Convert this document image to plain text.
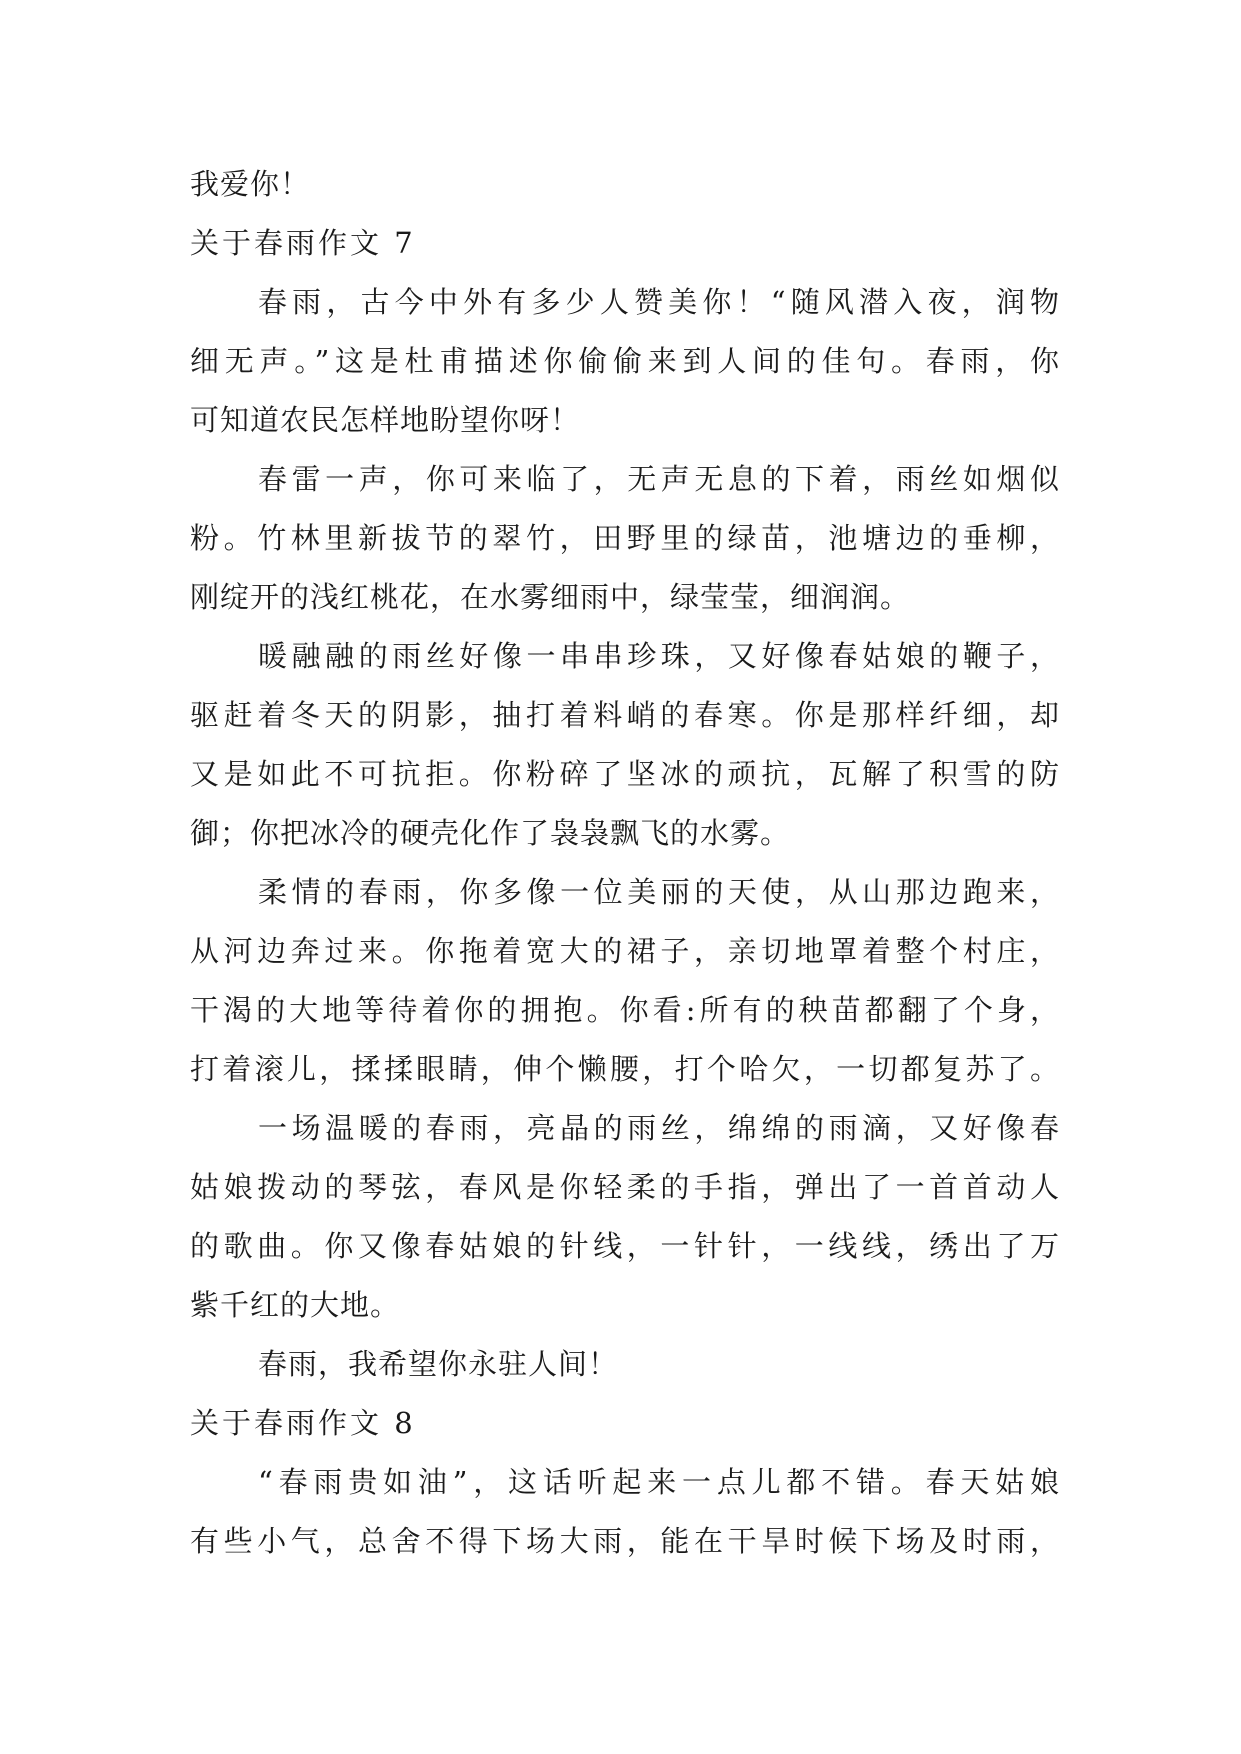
我爱你！
关于春雨作文 7
春雨，古今中外有多少人赞美你！“随风潜入夜，润物
细无声。”这是杜甫描述你偷偷来到人间的佳句。春雨，你
可知道农民怎样地盼望你呀！
春雷一声，你可来临了，无声无息的下着，雨丝如烟似
粉。竹林里新拔节的翠竹，田野里的绿苗，池塘边的垂柳，
刚绽开的浅红桃花，在水雾细雨中，绿莹莹，细润润。
暖融融的雨丝好像一串串珍珠，又好像春姑娘的鞭子，
驱赶着冬天的阴影，抽打着料峭的春寒。你是那样纤细，却
又是如此不可抗拒。你粉碎了坚冰的顽抗，瓦解了积雪的防
御；你把冰冷的硬壳化作了袅袅飘飞的水雾。
柔情的春雨，你多像一位美丽的天使，从山那边跑来，
从河边奔过来。你拖着宽大的裙子，亲切地罩着整个村庄，
干渴的大地等待着你的拥抱。你看:所有的秧苗都翻了个身，
打着滚儿，揉揉眼睛，伸个懒腰，打个哈欠，一切都复苏了。
一场温暖的春雨，亮晶的雨丝，绵绵的雨滴，又好像春
姑娘拨动的琴弦，春风是你轻柔的手指，弹出了一首首动人
的歌曲。你又像春姑娘的针线，一针针，一线线，绣出了万
紫千红的大地。
春雨，我希望你永驻人间！
关于春雨作文 8
“春雨贵如油”，这话听起来一点儿都不错。春天姑娘
有些小气，总舍不得下场大雨，能在干旱时候下场及时雨，
